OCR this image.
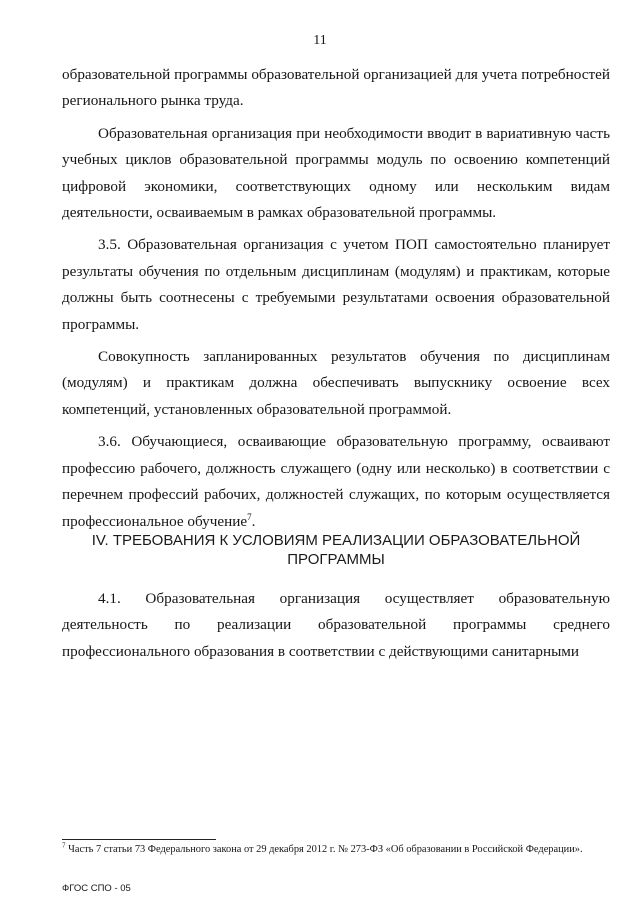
11

образовательной программы образовательной организацией для учета потребностей регионального рынка труда.

Образовательная организация при необходимости вводит в вариативную часть учебных циклов образовательной программы модуль по освоению компетенций цифровой экономики, соответствующих одному или нескольким видам деятельности, осваиваемым в рамках образовательной программы.

3.5. Образовательная организация с учетом ПОП самостоятельно планирует результаты обучения по отдельным дисциплинам (модулям) и практикам, которые должны быть соотнесены с требуемыми результатами освоения образовательной программы.

Совокупность запланированных результатов обучения по дисциплинам (модулям) и практикам должна обеспечивать выпускнику освоение всех компетенций, установленных образовательной программой.

3.6. Обучающиеся, осваивающие образовательную программу, осваивают профессию рабочего, должность служащего (одну или несколько) в соответствии с перечнем профессий рабочих, должностей служащих, по которым осуществляется профессиональное обучение$^7$.

IV. ТРЕБОВАНИЯ К УСЛОВИЯМ РЕАЛИЗАЦИИ ОБРАЗОВАТЕЛЬНОЙ
ПРОГРАММЫ

4.1. Образовательная организация осуществляет образовательную деятельность по реализации образовательной программы среднего профессионального образования в соответствии с действующими санитарными

$^7$ Часть 7 статьи 73 Федерального закона от 29 декабря 2012 г. № 273-ФЗ «Об образовании в Российской Федерации».
ФГОС СПО - 05
